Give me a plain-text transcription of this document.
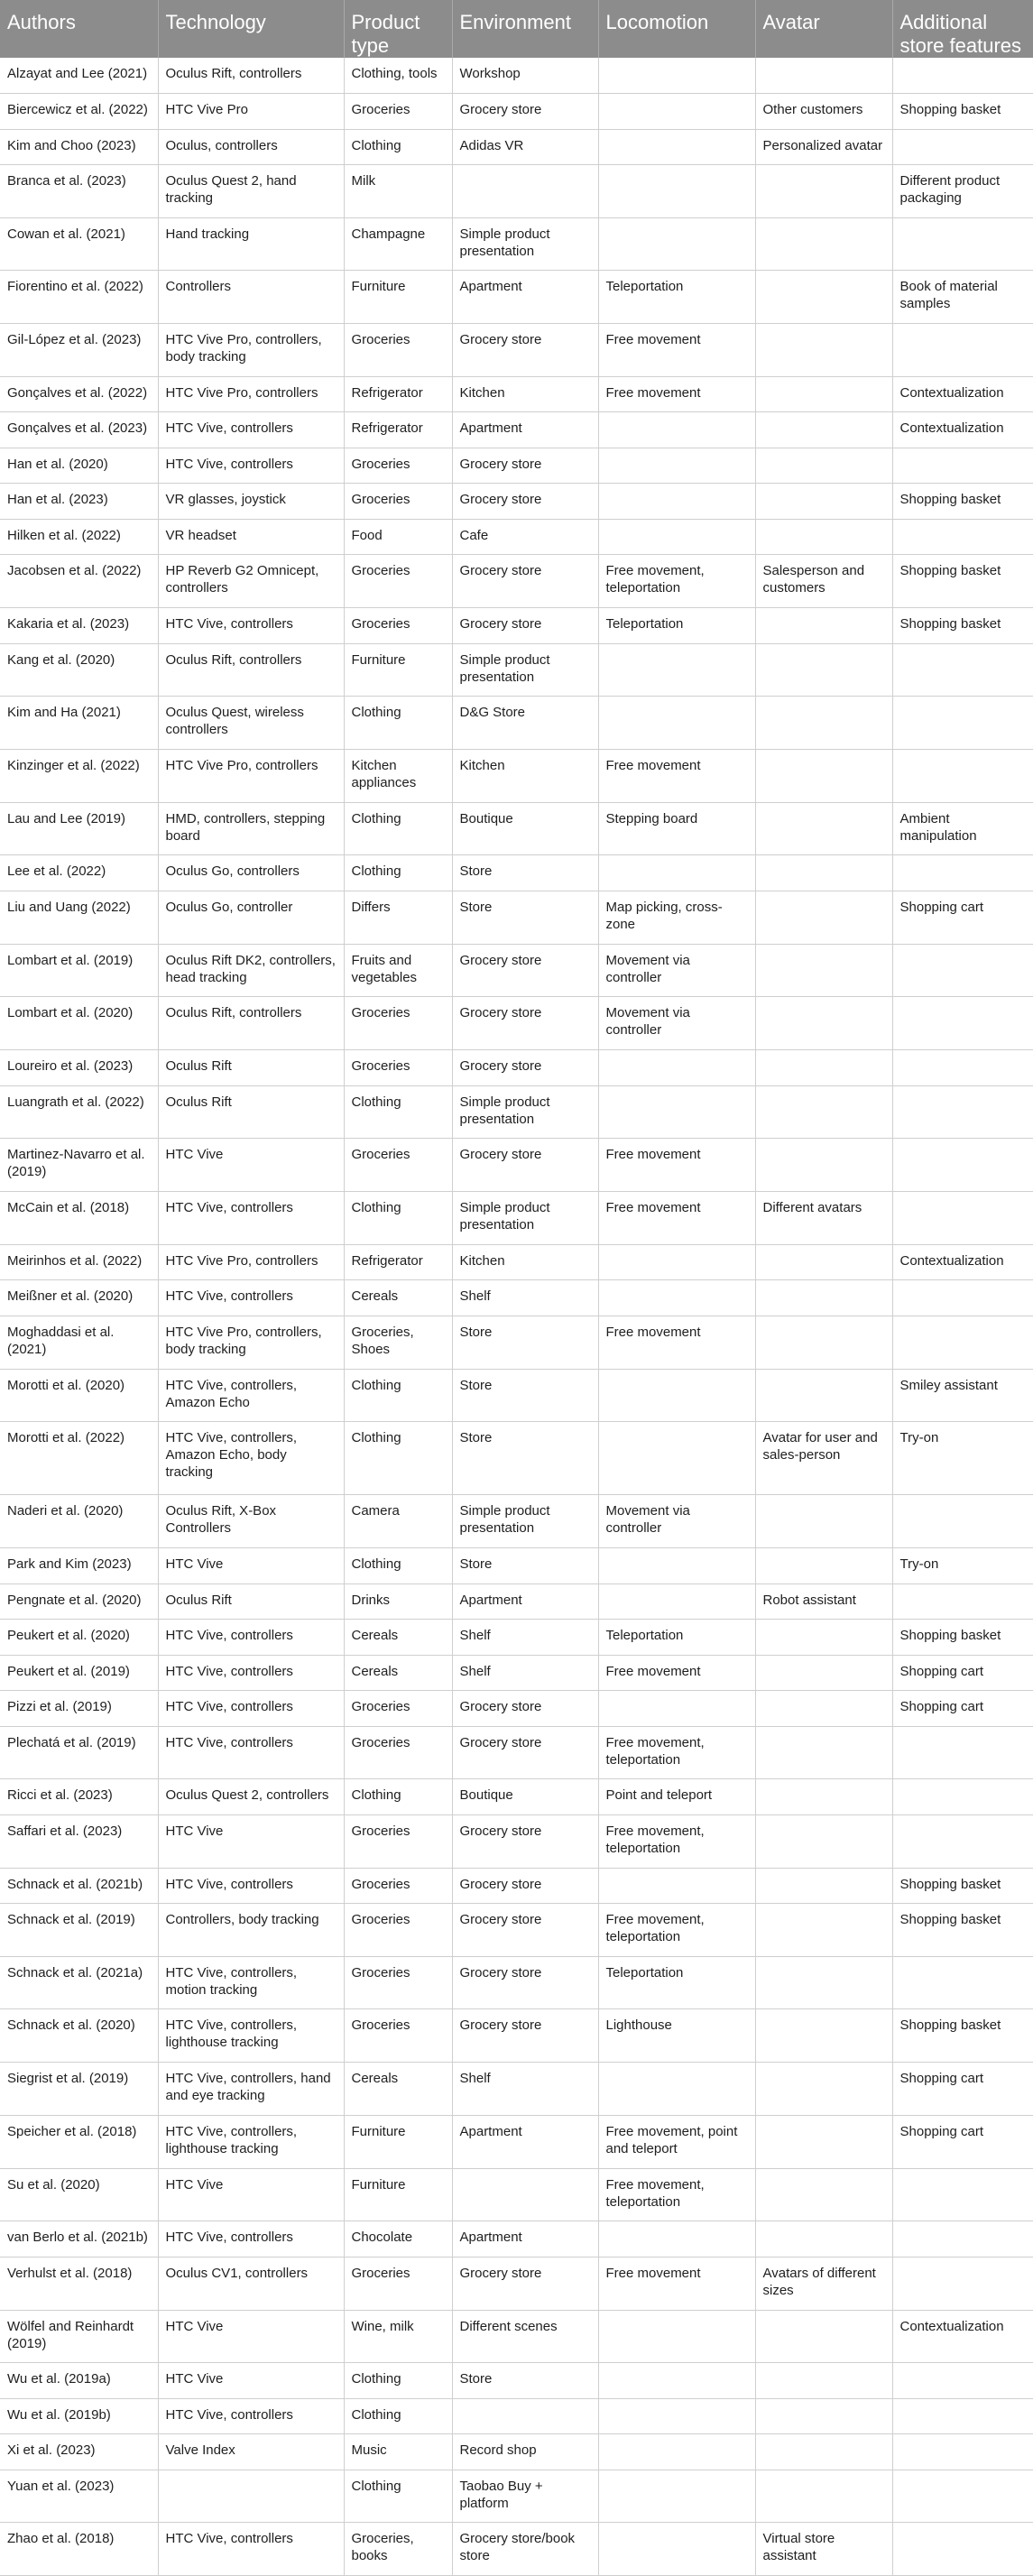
Authors	Technology	Product type	Environment	Locomotion	Avatar	Additional store features
Alzayat and Lee (2021)	Oculus Rift, controllers	Clothing, tools	Workshop			
Biercewicz et al. (2022)	HTC Vive Pro	Groceries	Grocery store		Other customers	Shopping basket
Kim and Choo (2023)	Oculus, controllers	Clothing	Adidas VR		Personalized avatar	
Branca et al. (2023)	Oculus Quest 2, hand tracking	Milk				Different product packaging
Cowan et al. (2021)	Hand tracking	Champagne	Simple product presentation			
Fiorentino et al. (2022)	Controllers	Furniture	Apartment	Teleportation		Book of material samples
Gil-López et al. (2023)	HTC Vive Pro, controllers, body tracking	Groceries	Grocery store	Free movement		
Gonçalves et al. (2022)	HTC Vive Pro, controllers	Refrigerator	Kitchen	Free movement		Contextualization
Gonçalves et al. (2023)	HTC Vive, controllers	Refrigerator	Apartment			Contextualization
Han et al. (2020)	HTC Vive, controllers	Groceries	Grocery store			
Han et al. (2023)	VR glasses, joystick	Groceries	Grocery store			Shopping basket
Hilken et al. (2022)	VR headset	Food	Cafe			
Jacobsen et al. (2022)	HP Reverb G2 Omnicept, controllers	Groceries	Grocery store	Free movement, teleportation	Salesperson and customers	Shopping basket
Kakaria et al. (2023)	HTC Vive, controllers	Groceries	Grocery store	Teleportation		Shopping basket
Kang et al. (2020)	Oculus Rift, controllers	Furniture	Simple product presentation			
Kim and Ha (2021)	Oculus Quest, wireless controllers	Clothing	D&G Store			
Kinzinger et al. (2022)	HTC Vive Pro, controllers	Kitchen appliances	Kitchen	Free movement		
Lau and Lee (2019)	HMD, controllers, stepping board	Clothing	Boutique	Stepping board		Ambient manipulation
Lee et al. (2022)	Oculus Go, controllers	Clothing	Store			
Liu and Uang (2022)	Oculus Go, controller	Differs	Store	Map picking, cross-zone		Shopping cart
Lombart et al. (2019)	Oculus Rift DK2, controllers, head tracking	Fruits and vegetables	Grocery store	Movement via controller		
Lombart et al. (2020)	Oculus Rift, controllers	Groceries	Grocery store	Movement via controller		
Loureiro et al. (2023)	Oculus Rift	Groceries	Grocery store			
Luangrath et al. (2022)	Oculus Rift	Clothing	Simple product presentation			
Martinez-Navarro et al. (2019)	HTC Vive	Groceries	Grocery store	Free movement		
McCain et al. (2018)	HTC Vive, controllers	Clothing	Simple product presentation	Free movement	Different avatars	
Meirinhos et al. (2022)	HTC Vive Pro, controllers	Refrigerator	Kitchen			Contextualization
Meißner et al. (2020)	HTC Vive, controllers	Cereals	Shelf			
Moghaddasi et al. (2021)	HTC Vive Pro, controllers, body tracking	Groceries, Shoes	Store	Free movement		
Morotti et al. (2020)	HTC Vive, controllers, Amazon Echo	Clothing	Store			Smiley assistant
Morotti et al. (2022)	HTC Vive, controllers, Amazon Echo, body tracking	Clothing	Store		Avatar for user and sales-person	Try-on
Naderi et al. (2020)	Oculus Rift, X-Box Controllers	Camera	Simple product presentation	Movement via controller		
Park and Kim (2023)	HTC Vive	Clothing	Store			Try-on
Pengnate et al. (2020)	Oculus Rift	Drinks	Apartment		Robot assistant	
Peukert et al. (2020)	HTC Vive, controllers	Cereals	Shelf	Teleportation		Shopping basket
Peukert et al. (2019)	HTC Vive, controllers	Cereals	Shelf	Free movement		Shopping cart
Pizzi et al. (2019)	HTC Vive, controllers	Groceries	Grocery store			Shopping cart
Plechatá et al. (2019)	HTC Vive, controllers	Groceries	Grocery store	Free movement, teleportation		
Ricci et al. (2023)	Oculus Quest 2, controllers	Clothing	Boutique	Point and teleport		
Saffari et al. (2023)	HTC Vive	Groceries	Grocery store	Free movement, teleportation		
Schnack et al. (2021b)	HTC Vive, controllers	Groceries	Grocery store			Shopping basket
Schnack et al. (2019)	Controllers, body tracking	Groceries	Grocery store	Free movement, teleportation		Shopping basket
Schnack et al. (2021a)	HTC Vive, controllers, motion tracking	Groceries	Grocery store	Teleportation		
Schnack et al. (2020)	HTC Vive, controllers, lighthouse tracking	Groceries	Grocery store	Lighthouse		Shopping basket
Siegrist et al. (2019)	HTC Vive, controllers, hand and eye tracking	Cereals	Shelf			Shopping cart
Speicher et al. (2018)	HTC Vive, controllers, lighthouse tracking	Furniture	Apartment	Free movement, point and teleport		Shopping cart
Su et al. (2020)	HTC Vive	Furniture		Free movement, teleportation		
van Berlo et al. (2021b)	HTC Vive, controllers	Chocolate	Apartment			
Verhulst et al. (2018)	Oculus CV1, controllers	Groceries	Grocery store	Free movement	Avatars of different sizes	
Wölfel and Reinhardt (2019)	HTC Vive	Wine, milk	Different scenes			Contextualization
Wu et al. (2019a)	HTC Vive	Clothing	Store			
Wu et al. (2019b)	HTC Vive, controllers	Clothing				
Xi et al. (2023)	Valve Index	Music	Record shop			
Yuan et al. (2023)		Clothing	Taobao Buy + platform			
Zhao et al. (2018)	HTC Vive, controllers	Groceries, books	Grocery store/book store		Virtual store assistant	
